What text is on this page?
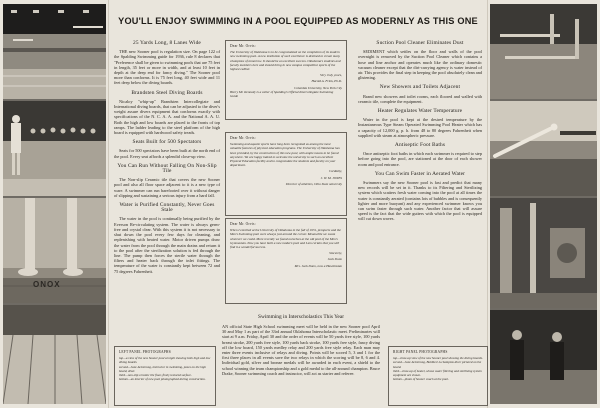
ONOX
YOU'LL ENJOY SWIMMING IN A POOL EQUIPPED AS MODERNLY AS THIS ONE
25 Yards Long, 8 Lanes Wide

THE new Sooner pool is regulation size. On page 122 of the Spalding Swimming guide for 1936, rule 8 declares that "Preference shall be given to swimming pools that are 75 feet in length, 35 feet or more in width, and at least 10 feet in depth at the deep end for fancy diving." The Sooner pool more than conforms. It is 75 feet long, 40 feet wide and 11 feet deep below the diving boards.

Brandsten Steel Diving Boards

Nicaloy "whip-up" Brandsten Intercollegiate and International diving boards, that can be adjusted to the diver's weight assure divers equipment that conforms exactly with specifications of the N. C. A. A. and the National A. A. U. Both the high and low boards are placed to the fronts of top ramps. The ladder leading to the steel platform of the high board is equipped with hardwood safety treads.

Seats Built for 500 Spectators

Seats for 500 spectators have been built at the north end of the pool. Every seat affords a splendid close-up view.

You Can Run Without Falling On Non-Slip Tile

The Non-slip Ceramic tile that covers the new Sooner pool and also all floor space adjacent to it is a new type of ware. A swimmer can run barefooted over it without danger of slipping and sustaining a serious injury from a hard fall.

Water is Purified Constantly, Never Goes Stale

The water in the pool is continually being purified by the Everson Re-circulating system. The water is always germ-free and crystal clear. With this system it is not necessary to shut down the pool every few days for cleaning, and replenishing with heated water. Motor driven pumps draw the water from the pool through the main drains and return it to the pool after the sterilization solution is fed through the line. The pump then forces the sterile water through the filters and heater back through the inlet fittings. The temperature of the water is constantly kept between 72 and 75 degrees Fahrenheit.

Dear Mr. Orvis:
The University of Oklahoma is to be congratulated on the completion of its modern new swimming pool. A new institution of such excellence is destined to create many champions of tomorrow. It should be an excellent success. Oklahoma's students and faculty members here and should bring in new campus competitive sports of the highest caliber.
Very truly yours,
Harold A. Frink, Ph.D.
Columbia University, New York City
Harry Mr. Kennedy is a caller of Spalding's Official Intercollegiate Swimming Guide
Dear Mr. Orvis:
Swimming and aquatic sports have long been recognized as among the most valuable features of physical education programs. The University of Oklahoma has been provided, by the construction of this new pool, with ample means to be found anywhere. We are happy indeed to welcome the university to such an excellent Physical Education facility and to congratulate the students and faculty on your department.
Cordially,
J. W. M. JONES
Director of athletics, Ohio State university
Dear Mr. Orvis:
When I enrolled at the University of Oklahoma in the fall of 1931, prospects and the Men's Swimming pool were always just around the corner. Meanwhile we swam wherever we could. More recently we found ourselves at the old pool of the Men's Gymnasium. Now you have built a new modern pool and I am certain that you will find it a wonderful success.
Sincerely,
Jack Dunn
Mrs. Jack Dunn, now a Hawkinsian
Suction Pool Cleaner Eliminates Dust

SEDIMENT which settles on the floor and walls of the pool overnight is removed by the Suction Pool Cleaner which contains a hose and line anchor and operates much like the ordinary domestic vacuum cleaner except that the dirt-carrying agency is water instead of air. This provides the final step in keeping the pool absolutely clean and glistening.

New Showers and Toilets Adjacent

Brand new showers and toilet rooms, each floored and walled with ceramic tile, complete the equipment.

Heater Regulates Water Temperature

Water in the pool is kept at the desired temperature by the Instantaneous Type Steam Operated Swimming Pool Heater which has a capacity of 12,000 g. p. h. from 48 to 80 degrees Fahrenheit when supplied with steam at atmospheric pressure.

Antiseptic Foot Baths

Once antiseptic foot baths in which each swimmer is required to step before going into the pool, are stationed at the door of each shower room and pool entrance.

You Can Swim Faster in Aerated Water

Swimmers say the new Sooner pool is fast and predict that many new records will be set in it. Thanks to its Filtering and Sterilizing system which scatters fresh water coming into the pool at all times the water is constantly aerated (contains lots of bubbles and is consequently lighter and more buoyant) and any experienced swimmer knows you can swim faster through such water. Another factor that will assure speed is the fact that the wide gutters with which the pool is equipped will cut down waves.

LEFT PANEL PHOTOGRAPHS
top—a view of the new Sooner pool at night showing both high and low diving boards.
second—Jane Armstrong, instructor in swimming, poses on the high board, diver.
third—non-slip ceramic tile floor, finely textured surface.
bottom—an interior of new pool photographed during construction.
Swimming in Interscholastics This Year
AN official State High School swimming meet will be held in the new Sooner pool April 30 and May 1 as part of the 33rd annual Oklahoma Interscholastic meet. Preliminaries will start at 9 a.m. Friday, April 30 and the order of events will be 50 yards free style, 100 yards breast stroke, 200 yards free style, 100 yards back stroke, 100 yards free style, fancy diving off the low board, 150 yards medley relay and 200 yards free style relay. Each man may enter three events inclusive of relays and diving. Points will be scored 5, 3 and 1 for the first three places in all events save the two relays in which the scoring will be 8, 6 and 4. Individual gold, silver and bronze medals will be awarded in each event, a shield to the school winning the team championship and a gold medal to the all-around champion. Bruce Drake, Sooner swimming coach and instructor, will act as starter and referee.
RIGHT PANEL PHOTOGRAPHS
top—close-up view of the new Sooner pool showing the diving boards.
second—Jane Armstrong, Bubbles! A champion diver pictured on the board.
third—close-up of heater, whose water filtering and sterilizing system equipment are shown.
bottom—photo of Sooner coach at the pool.
